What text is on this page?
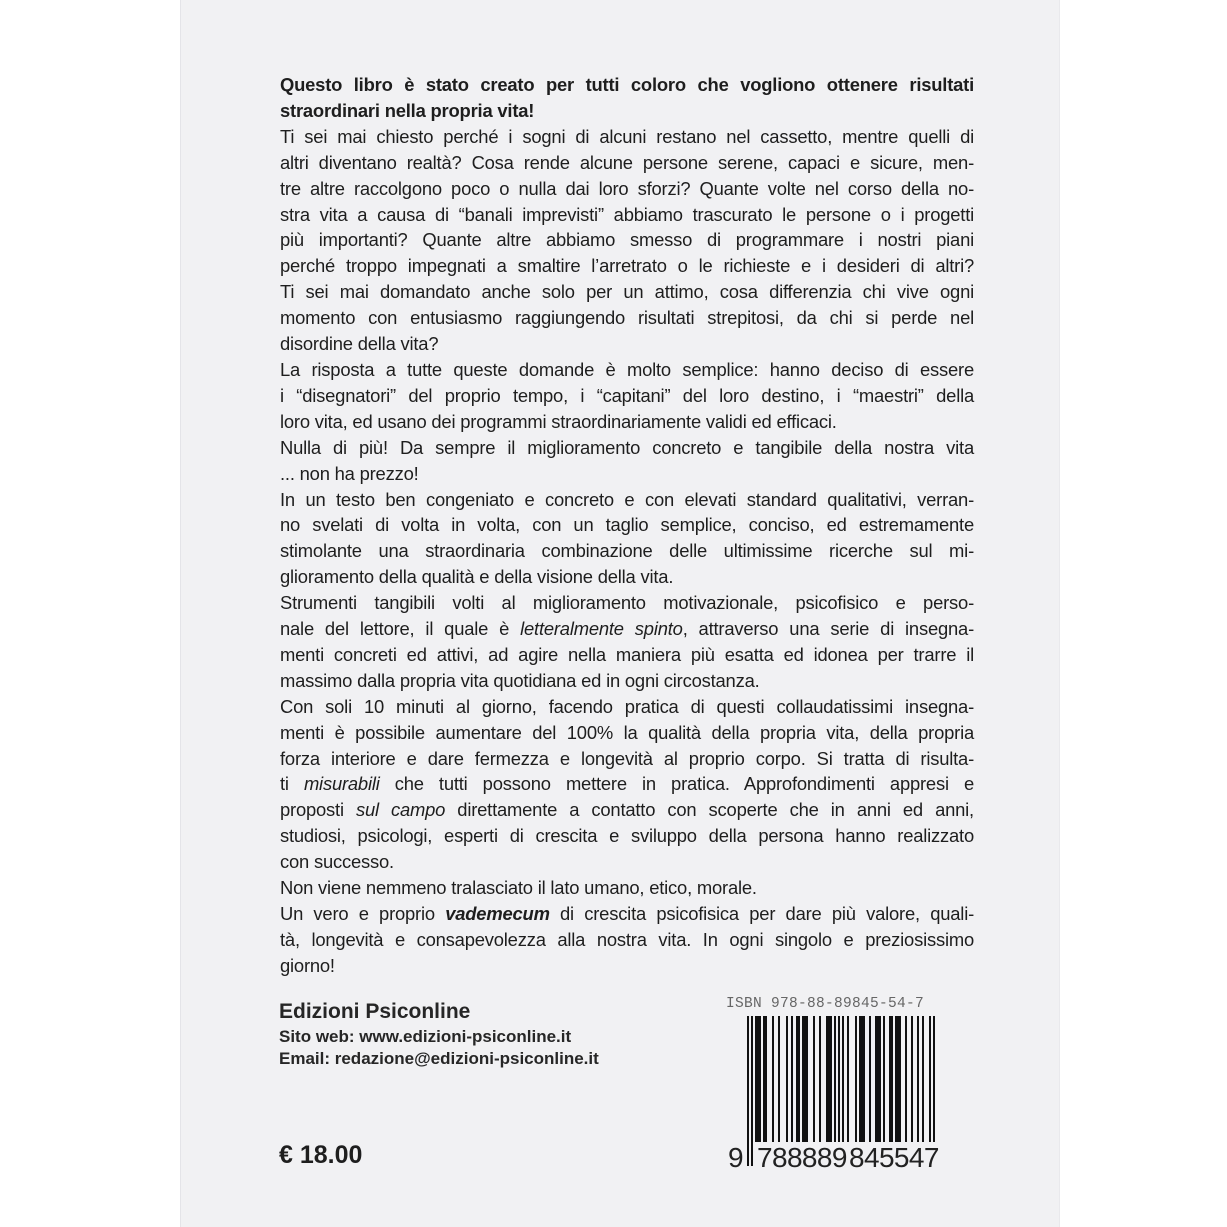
Questo libro è stato creato per tutti coloro che vogliono ottenere risultati
straordinari nella propria vita!

Ti sei mai chiesto perché i sogni di alcuni restano nel cassetto, mentre quelli di
altri diventano realtà? Cosa rende alcune persone serene, capaci e sicure, men-
tre altre raccolgono poco o nulla dai loro sforzi? Quante volte nel corso della no-
stra vita a causa di “banali imprevisti” abbiamo trascurato le persone o i progetti
più importanti? Quante altre abbiamo smesso di programmare i nostri piani
perché troppo impegnati a smaltire l’arretrato o le richieste e i desideri di altri?
Ti sei mai domandato anche solo per un attimo, cosa differenzia chi vive ogni
momento con entusiasmo raggiungendo risultati strepitosi, da chi si perde nel
disordine della vita?

La risposta a tutte queste domande è molto semplice: hanno deciso di essere
i “disegnatori” del proprio tempo, i “capitani” del loro destino, i “maestri” della
loro vita, ed usano dei programmi straordinariamente validi ed efficaci.

Nulla di più! Da sempre il miglioramento concreto e tangibile della nostra vita
... non ha prezzo!

In un testo ben congeniato e concreto e con elevati standard qualitativi, verran-
no svelati di volta in volta, con un taglio semplice, conciso, ed estremamente
stimolante una straordinaria combinazione delle ultimissime ricerche sul mi-
glioramento della qualità e della visione della vita.

Strumenti tangibili volti al miglioramento motivazionale, psicofisico e perso-
nale del lettore, il quale è letteralmente spinto, attraverso una serie di insegna-
menti concreti ed attivi, ad agire nella maniera più esatta ed idonea per trarre il
massimo dalla propria vita quotidiana ed in ogni circostanza.

Con soli 10 minuti al giorno, facendo pratica di questi collaudatissimi insegna-
menti è possibile aumentare del 100% la qualità della propria vita, della propria
forza interiore e dare fermezza e longevità al proprio corpo. Si tratta di risulta-
ti misurabili che tutti possono mettere in pratica. Approfondimenti appresi e
proposti sul campo direttamente a contatto con scoperte che in anni ed anni,
studiosi, psicologi, esperti di crescita e sviluppo della persona hanno realizzato
con successo.

Non viene nemmeno tralasciato il lato umano, etico, morale.

Un vero e proprio vademecum di crescita psicofisica per dare più valore, quali-
tà, longevità e consapevolezza alla nostra vita. In ogni singolo e preziosissimo
giorno!

Edizioni Psiconline
Sito web: www.edizioni-psiconline.it
Email: redazione@edizioni-psiconline.it
€ 18.00
ISBN 978-88-89845-54-7
9 788889 845547
